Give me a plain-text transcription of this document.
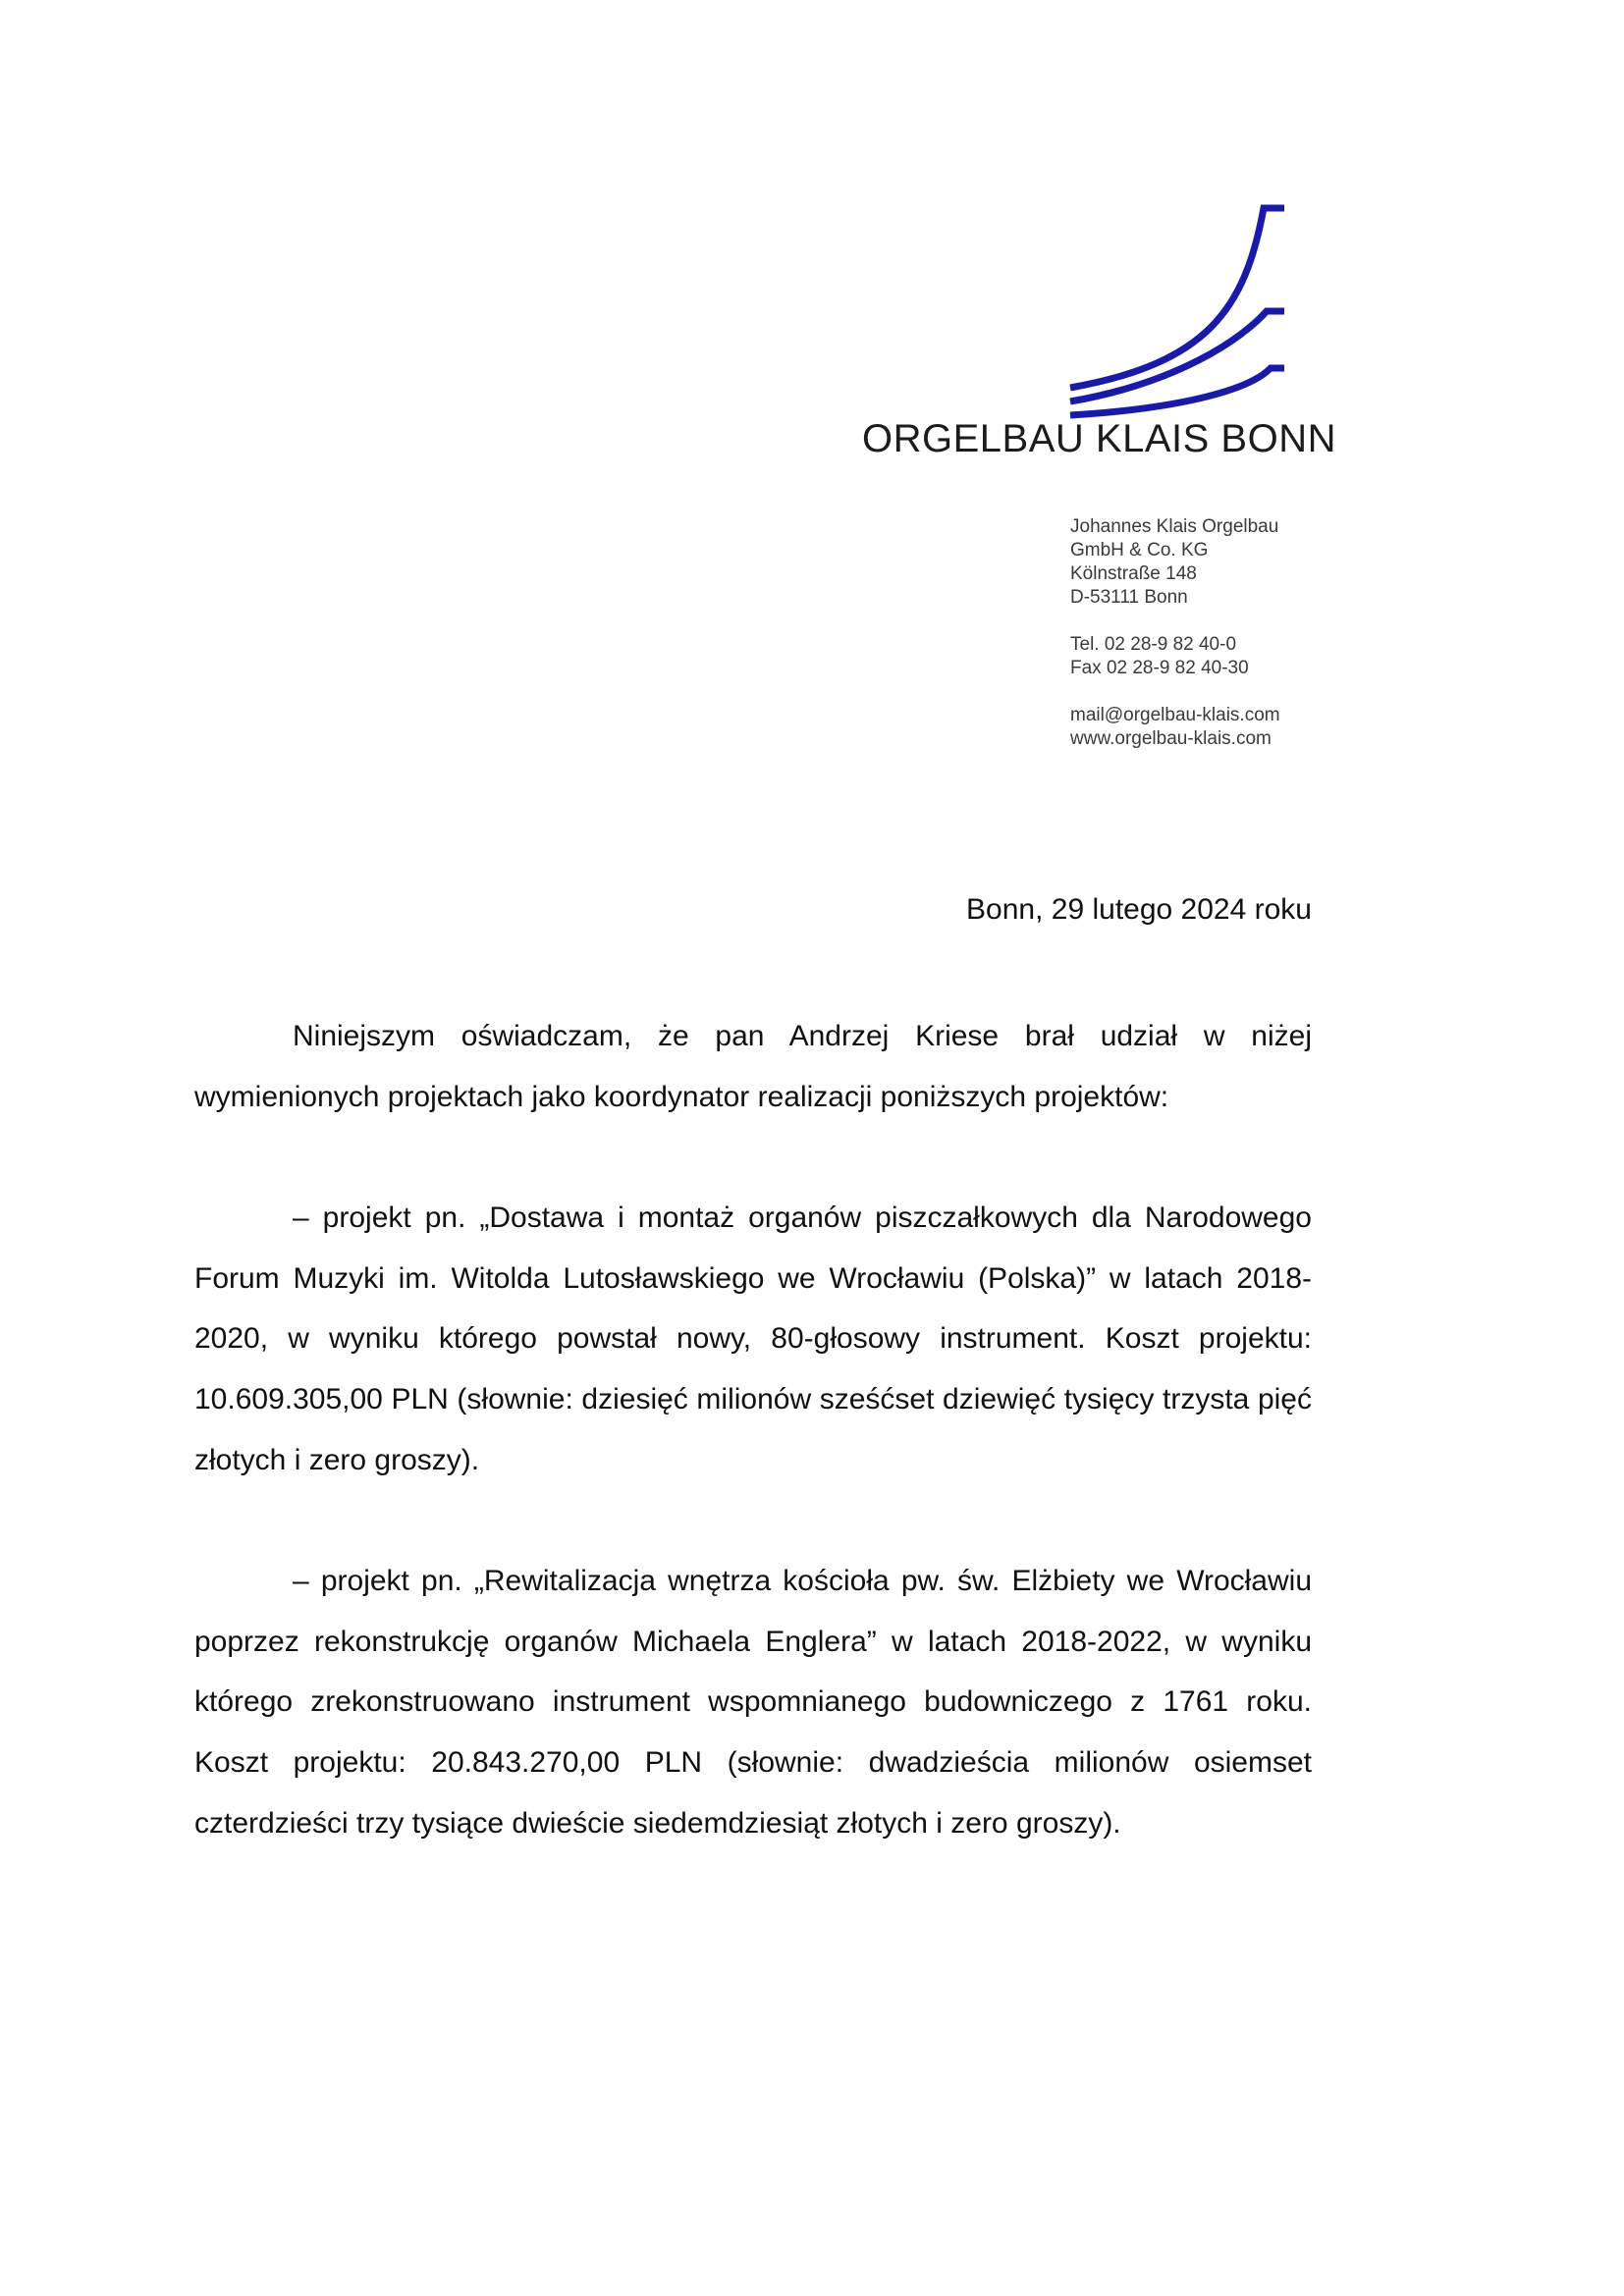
ORGELBAU KLAIS BONN
Johannes Klais Orgelbau
GmbH & Co. KG
Kölnstraße 148
D-53111 Bonn
Tel. 02 28-9 82 40-0
Fax 02 28-9 82 40-30
mail@orgelbau-klais.com
www.orgelbau-klais.com
Bonn, 29 lutego 2024 roku

Niniejszym oświadczam, że pan Andrzej Kriese brał udział w niżej wymienionych projektach jako koordynator realizacji poniższych projektów:

– projekt pn. „Dostawa i montaż organów piszczałkowych dla Narodowego Forum Muzyki im. Witolda Lutosławskiego we Wrocławiu (Polska)” w latach 2018-2020, w wyniku którego powstał nowy, 80-głosowy instrument. Koszt projektu: 10.609.305,00 PLN (słownie: dziesięć milionów sześćset dziewięć tysięcy trzysta pięć złotych i zero groszy).

– projekt pn. „Rewitalizacja wnętrza kościoła pw. św. Elżbiety we Wrocławiu poprzez rekonstrukcję organów Michaela Englera” w latach 2018-2022, w wyniku którego zrekonstruowano instrument wspomnianego budowniczego z 1761 roku. Koszt projektu: 20.843.270,00 PLN (słownie: dwadzieścia milionów osiemset czterdzieści trzy tysiące dwieście siedemdziesiąt złotych i zero groszy).
